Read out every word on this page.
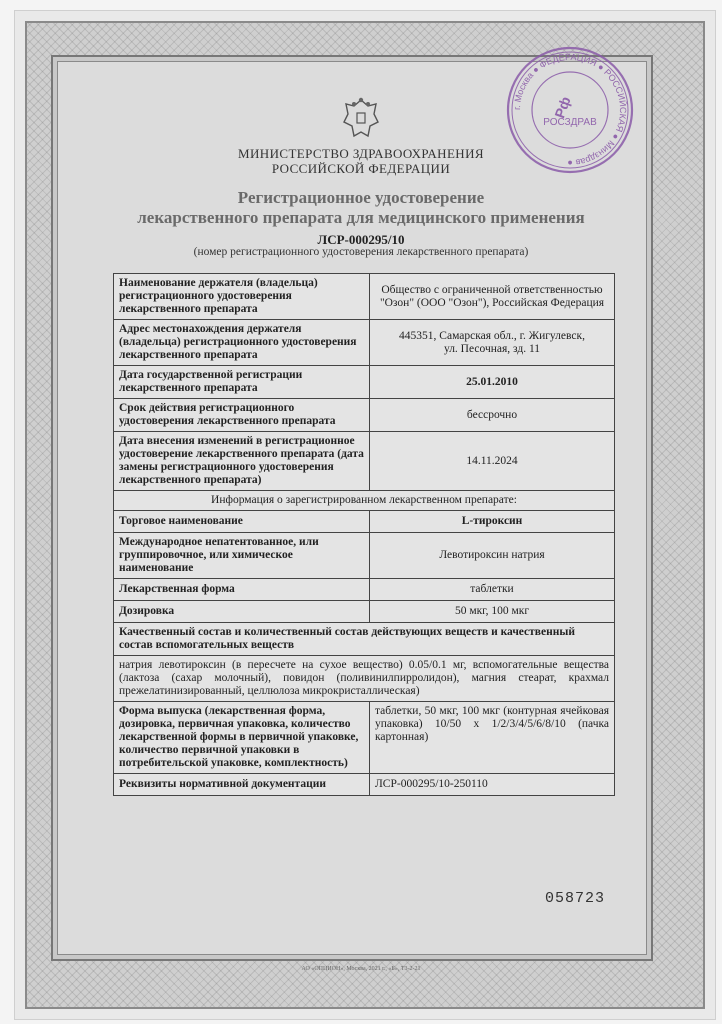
МИНИСТЕРСТВО ЗДРАВООХРАНЕНИЯ
РОССИЙСКОЙ ФЕДЕРАЦИИ
Регистрационное удостоверение
лекарственного препарата для медицинского применения
ЛСР-000295/10
(номер регистрационного удостоверения лекарственного препарата)
Наименование держателя (владельца) регистрационного удостоверения лекарственного препарата	Общество с ограниченной ответственностью "Озон" (ООО "Озон"), Российская Федерация
Адрес местонахождения держателя (владельца) регистрационного удостоверения лекарственного препарата	445351, Самарская обл., г. Жигулевск,
ул. Песочная, зд. 11

Дата государственной регистрации лекарственного препарата	25.01.2010
Срок действия регистрационного удостоверения лекарственного препарата	бессрочно
Дата внесения изменений в регистрационное удостоверение лекарственного препарата (дата замены регистрационного удостоверения лекарственного препарата)	14.11.2024
Информация о зарегистрированном лекарственном препарате:	
Торговое наименование	L-тироксин
Международное непатентованное, или группировочное, или химическое наименование	Левотироксин натрия
Лекарственная форма	таблетки
Дозировка	50 мкг, 100 мкг
Качественный состав и количественный состав действующих веществ и качественный состав вспомогательных веществ	
натрия левотироксин (в пересчете на сухое вещество) 0.05/0.1 мг, вспомогательные вещества (лактоза (сахар молочный), повидон (поливинилпирролидон), магния стеарат, крахмал прежелатинизированный, целлюлоза микрокристаллическая)	
Форма выпуска (лекарственная форма, дозировка, первичная упаковка, количество лекарственной формы в первичной упаковке, количество первичной упаковки в потребительской упаковке, комплектность)	таблетки, 50 мкг, 100 мкг (контурная ячейковая упаковка) 10/50 x 1/2/3/4/5/6/8/10 (пачка картонная)
Реквизиты нормативной документации	ЛСР-000295/10-250110
058723
АО «ОПЦИОН», Москва, 2021 г., «Б», Т3-2-21
г. Москва ● ФЕДЕРАЦИЯ ● РОССИЙСКАЯ ● Минздрав ●
Рф
РОСЗДРАВ
